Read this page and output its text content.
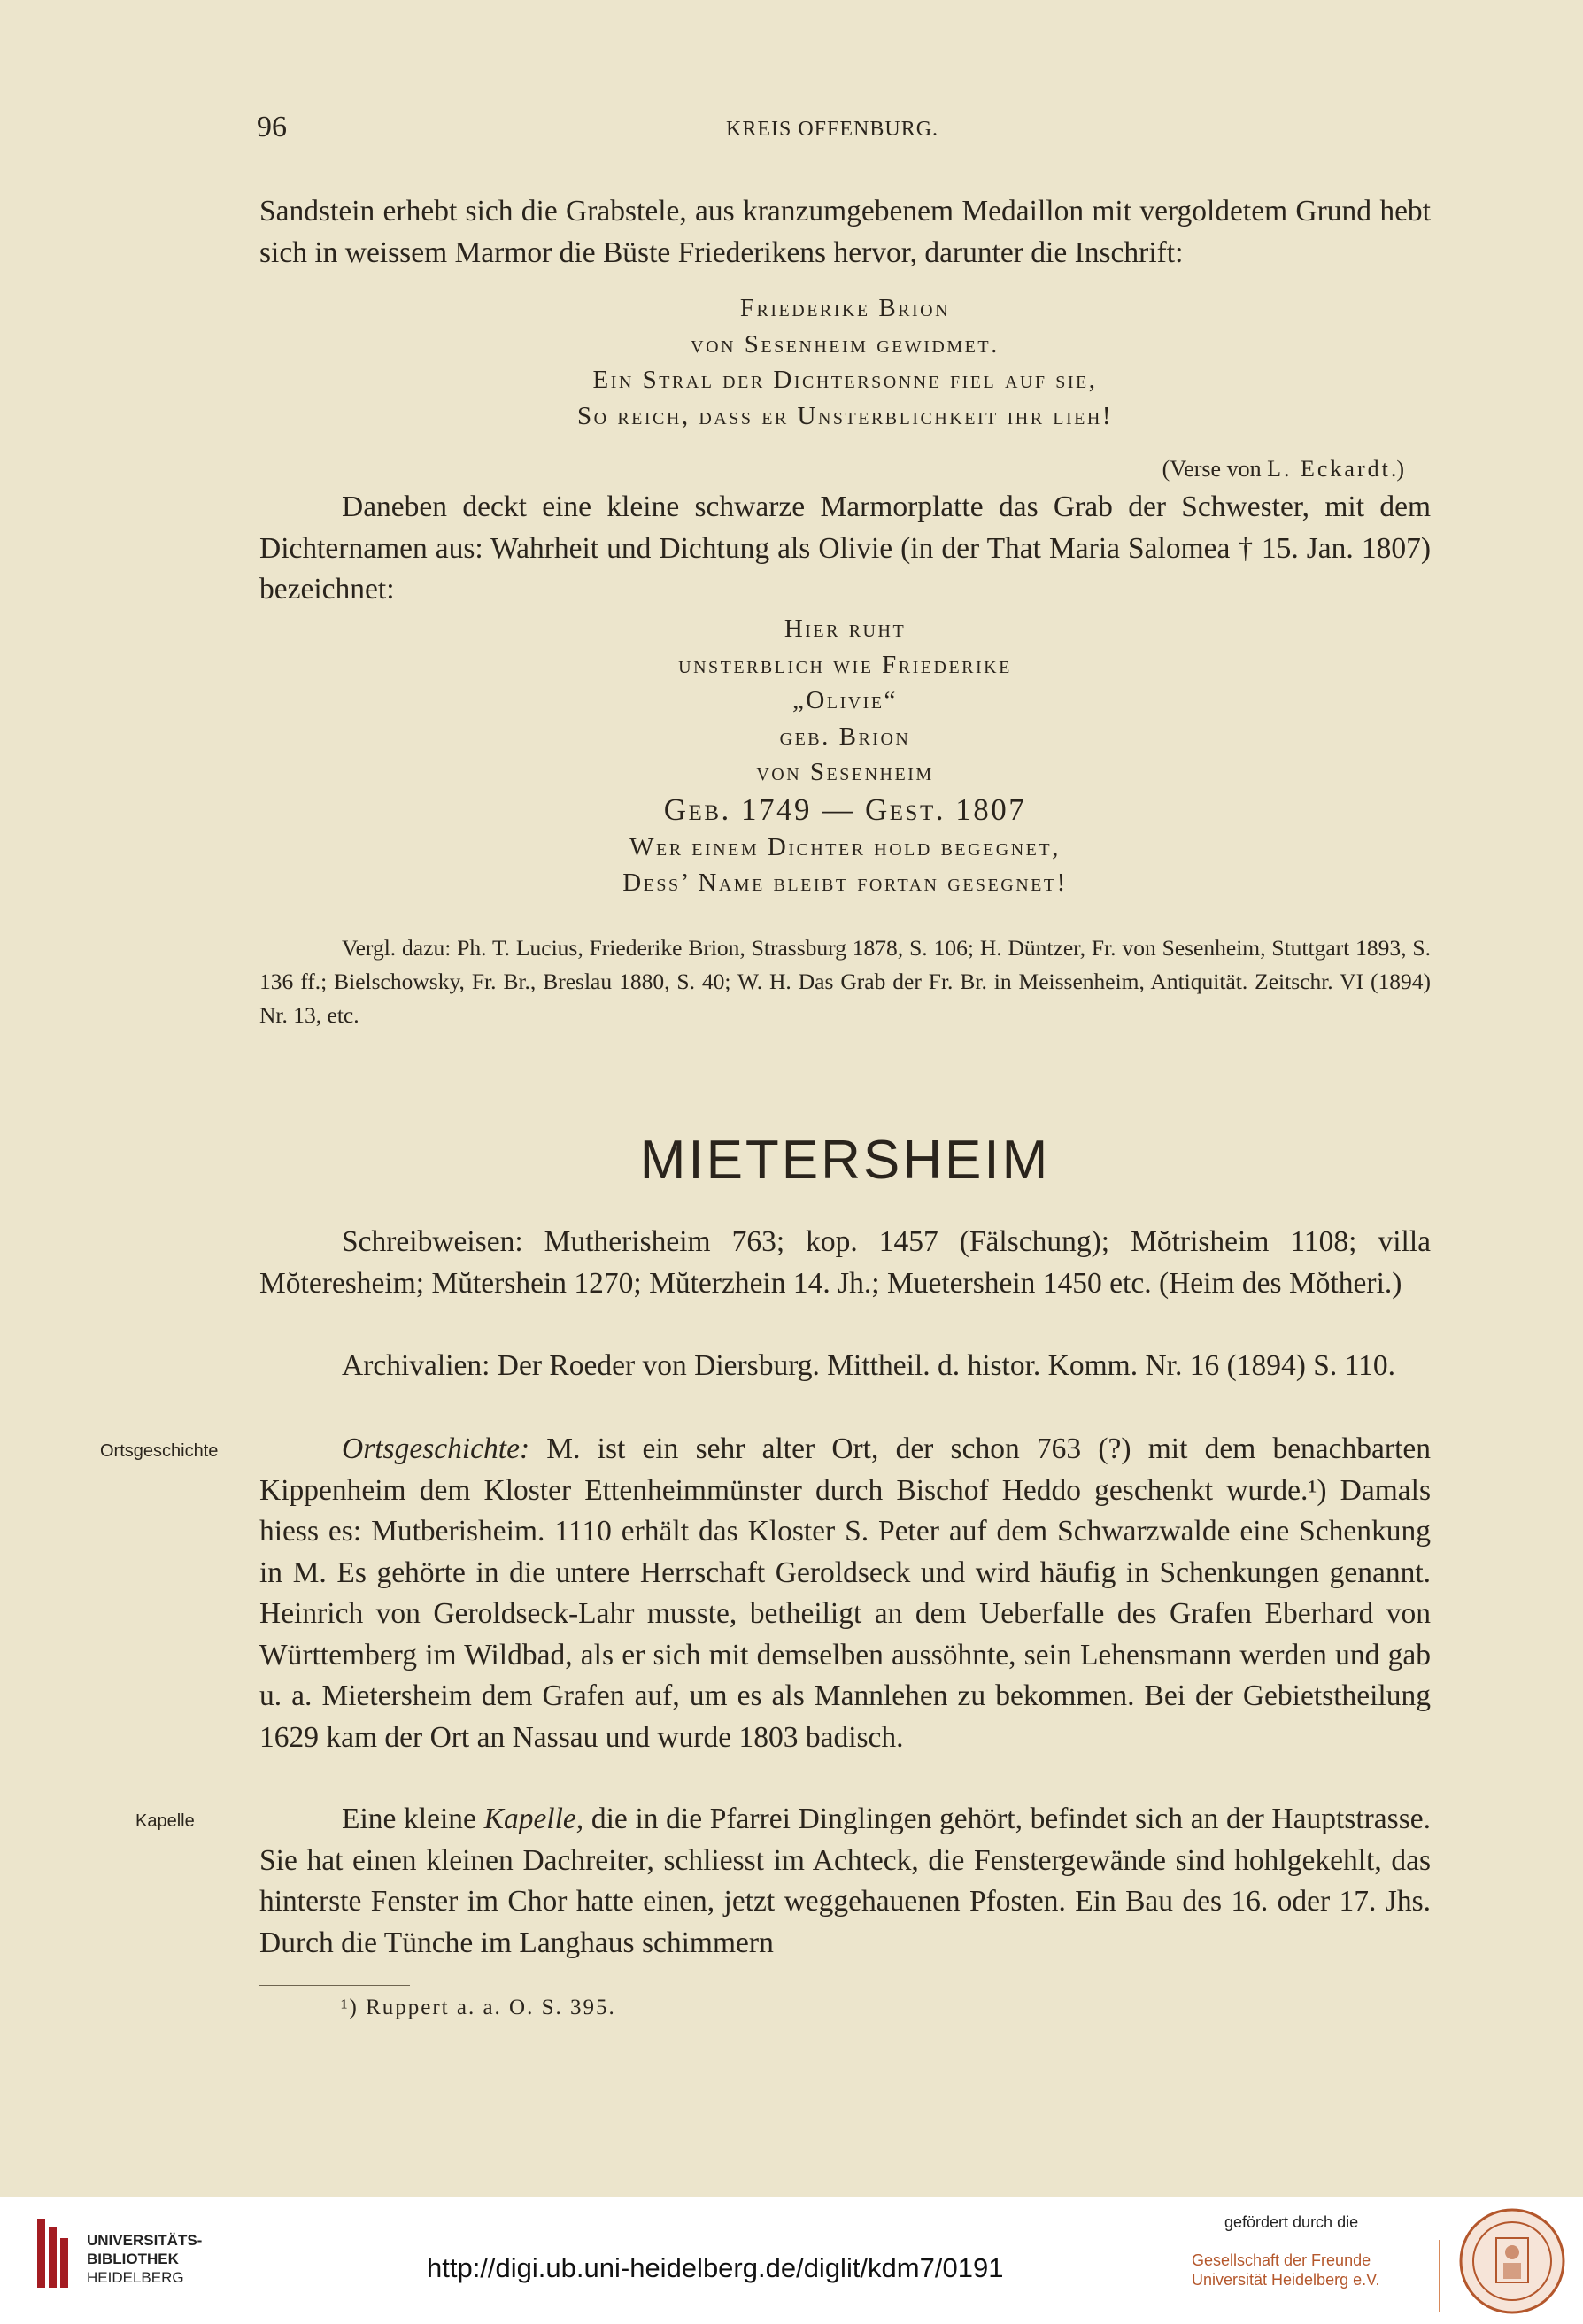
96	KREIS OFFENBURG.

Sandstein erhebt sich die Grabstele, aus kranzumgebenem Medaillon mit vergoldetem Grund hebt sich in weissem Marmor die Büste Friederikens hervor, darunter die Inschrift:

Friederike Brion
von Sesenheim gewidmet.
Ein Stral der Dichtersonne fiel auf sie,
So reich, dass er Unsterblichkeit ihr lieh!
(Verse von L. Eckardt.)

Daneben deckt eine kleine schwarze Marmorplatte das Grab der Schwester, mit dem Dichternamen aus: Wahrheit und Dichtung als Olivie (in der That Maria Salomea † 15. Jan. 1807) bezeichnet:

Hier ruht
unsterblich wie Friederike
„Olivie“
geb. Brion
von Sesenheim
Geb. 1749 — Gest. 1807
Wer einem Dichter hold begegnet,
Dess’ Name bleibt fortan gesegnet!

Vergl. dazu: Ph. T. Lucius, Friederike Brion, Strassburg 1878, S. 106; H. Düntzer, Fr. von Sesenheim, Stuttgart 1893, S. 136 ff.; Bielschowsky, Fr. Br., Breslau 1880, S. 40; W. H. Das Grab der Fr. Br. in Meissenheim, Antiquität. Zeitschr. VI (1894) Nr. 13, etc.

MIETERSHEIM

Schreibweisen: Mutherisheim 763; kop. 1457 (Fälschung); Mŏtrisheim 1108; villa Mŏteresheim; Mŭtershein 1270; Mŭterzhein 14. Jh.; Muetershein 1450 etc. (Heim des Mŏtheri.)

Archivalien: Der Roeder von Diersburg. Mittheil. d. histor. Komm. Nr. 16 (1894) S. 110.

Ortsgeschichte	Ortsgeschichte: M. ist ein sehr alter Ort, der schon 763 (?) mit dem benachbarten Kippenheim dem Kloster Ettenheimmünster durch Bischof Heddo geschenkt wurde.¹) Damals hiess es: Mutberisheim. 1110 erhält das Kloster S. Peter auf dem Schwarzwalde eine Schenkung in M. Es gehörte in die untere Herrschaft Geroldseck und wird häufig in Schenkungen genannt. Heinrich von Geroldseck-Lahr musste, betheiligt an dem Ueberfalle des Grafen Eberhard von Württemberg im Wildbad, als er sich mit demselben aussöhnte, sein Lehensmann werden und gab u. a. Mietersheim dem Grafen auf, um es als Mannlehen zu bekommen. Bei der Gebietstheilung 1629 kam der Ort an Nassau und wurde 1803 badisch.

Kapelle	Eine kleine Kapelle, die in die Pfarrei Dinglingen gehört, befindet sich an der Hauptstrasse. Sie hat einen kleinen Dachreiter, schliesst im Achteck, die Fenstergewände sind hohlgekehlt, das hinterste Fenster im Chor hatte einen, jetzt weggehauenen Pfosten. Ein Bau des 16. oder 17. Jhs. Durch die Tünche im Langhaus schimmern

¹) Ruppert a. a. O. S. 395.
UNIVERSITÄTS-
BIBLIOTHEK
HEIDELBERG	http://digi.ub.uni-heidelberg.de/diglit/kdm7/0191
gefördert durch die
Gesellschaft der Freunde
Universität Heidelberg e.V.
